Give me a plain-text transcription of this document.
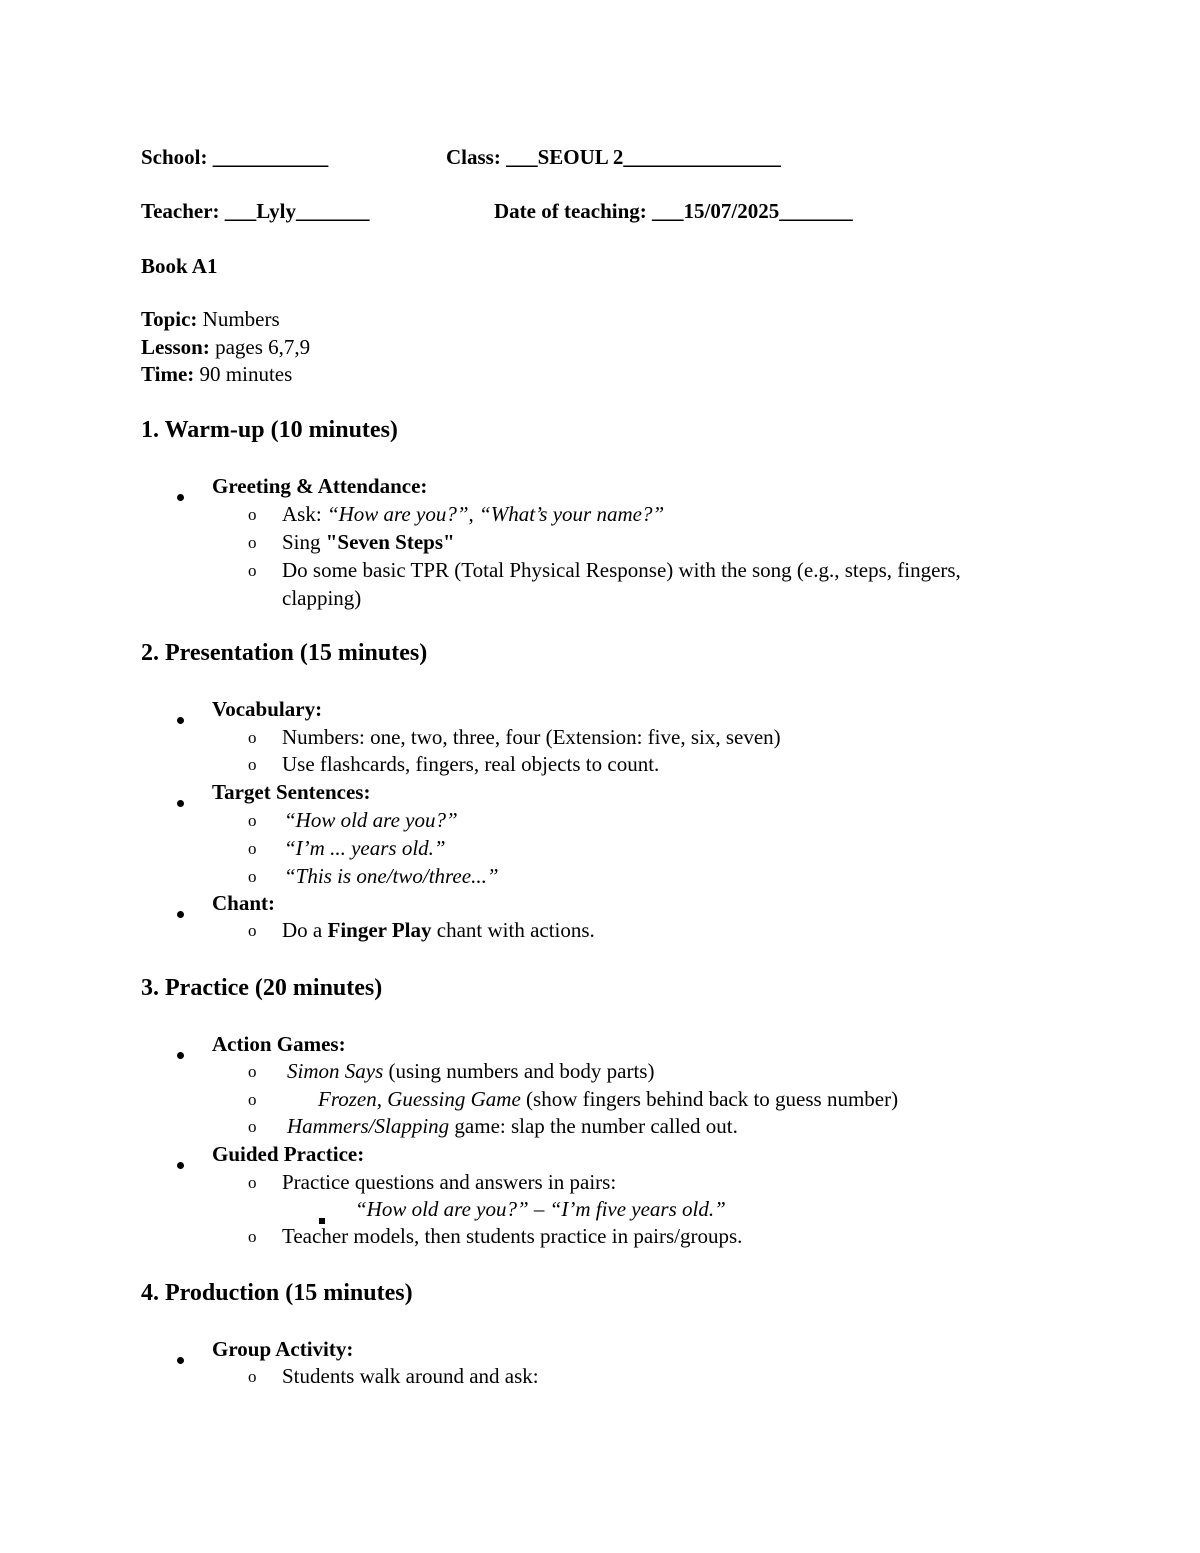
School: ___________	Class: ___SEOUL 2_______________
Teacher: ___Lyly_______	Date of teaching: ___15/07/2025_______
Book A1
Topic: Numbers
Lesson: pages 6,7,9
Time: 90 minutes
1. Warm-up (10 minutes)
Greeting & Attendance:
o Ask: “How are you?”, “What’s your name?”
o Sing "Seven Steps"
o Do some basic TPR (Total Physical Response) with the song (e.g., steps, fingers,
clapping)
2. Presentation (15 minutes)
Vocabulary:
o Numbers: one, two, three, four (Extension: five, six, seven)
o Use flashcards, fingers, real objects to count.
Target Sentences:
o “How old are you?”
o “I’m ... years old.”
o “This is one/two/three...”
Chant:
o Do a Finger Play chant with actions.
3. Practice (20 minutes)
Action Games:
o Simon Says (using numbers and body parts)
o	Frozen, Guessing Game (show fingers behind back to guess number)
o Hammers/Slapping game: slap the number called out.
Guided Practice:
o Practice questions and answers in pairs:
“How old are you?” – “I’m five years old.”
o Teacher models, then students practice in pairs/groups.
4. Production (15 minutes)
Group Activity:
o Students walk around and ask:
